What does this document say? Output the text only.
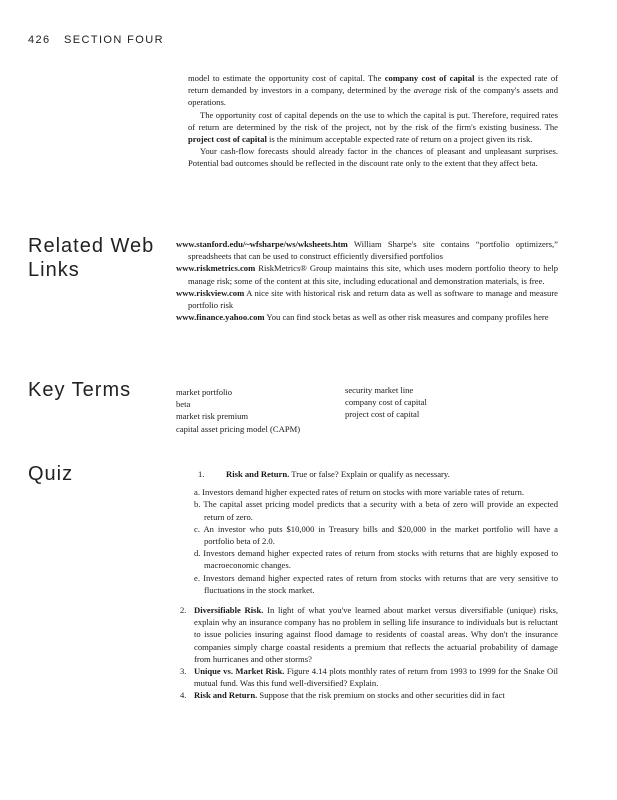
426 SECTION FOUR

model to estimate the opportunity cost of capital. The company cost of capital is the expected rate of return demanded by investors in a company, determined by the average risk of the company's assets and operations.

The opportunity cost of capital depends on the use to which the capital is put. Therefore, required rates of return are determined by the risk of the project, not by the risk of the firm's existing business. The project cost of capital is the minimum acceptable expected rate of return on a project given its risk.

Your cash-flow forecasts should already factor in the chances of pleasant and unpleasant surprises. Potential bad outcomes should be reflected in the discount rate only to the extent that they affect beta.

Related Web
Links

www.stanford.edu/~wfsharpe/ws/wksheets.htm William Sharpe's site contains “portfolio optimizers,” spreadsheets that can be used to construct efficiently diversified portfolios

www.riskmetrics.com RiskMetrics® Group maintains this site, which uses modern portfolio theory to help manage risk; some of the content at this site, including educational and demonstration materials, is free.

www.riskview.com A nice site with historical risk and return data as well as software to manage and measure portfolio risk

www.finance.yahoo.com You can find stock betas as well as other risk measures and company profiles here

Key Terms	market portfolio
beta
market risk premium
capital asset pricing model (CAPM)
security market line
company cost of capital
project cost of capital
Quiz	1.	Risk and Return. True or false? Explain or qualify as necessary.

a. Investors demand higher expected rates of return on stocks with more variable rates of return.

b. The capital asset pricing model predicts that a security with a beta of zero will provide an expected return of zero.

c. An investor who puts $10,000 in Treasury bills and $20,000 in the market portfolio will have a portfolio beta of 2.0.

d. Investors demand higher expected rates of return from stocks with returns that are highly exposed to macroeconomic changes.

e. Investors demand higher expected rates of return from stocks with returns that are very sensitive to fluctuations in the stock market.

2. Diversifiable Risk. In light of what you've learned about market versus diversifiable (unique) risks, explain why an insurance company has no problem in selling life insurance to individuals but is reluctant to issue policies insuring against flood damage to residents of coastal areas. Why don't the insurance companies simply charge coastal residents a premium that reflects the actuarial probability of damage from hurricanes and other storms?

3. Unique vs. Market Risk. Figure 4.14 plots monthly rates of return from 1993 to 1999 for the Snake Oil mutual fund. Was this fund well-diversified? Explain.

4. Risk and Return. Suppose that the risk premium on stocks and other securities did in fact
